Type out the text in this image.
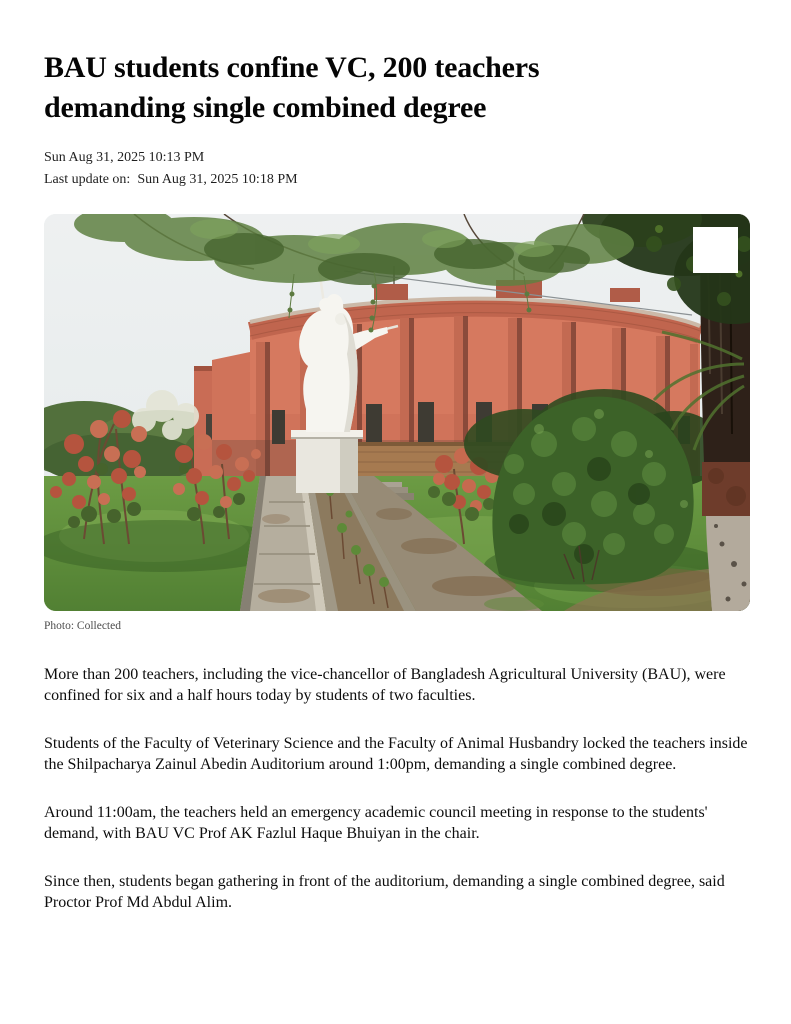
BAU students confine VC, 200 teachers demanding single combined degree

Sun Aug 31, 2025 10:13 PM

Last update on: Sun Aug 31, 2025 10:18 PM

Photo: Collected

More than 200 teachers, including the vice-chancellor of Bangladesh Agricultural University (BAU), were confined for six and a half hours today by students of two faculties.

Students of the Faculty of Veterinary Science and the Faculty of Animal Husbandry locked the teachers inside the Shilpacharya Zainul Abedin Auditorium around 1:00pm, demanding a single combined degree.

Around 11:00am, the teachers held an emergency academic council meeting in response to the students' demand, with BAU VC Prof AK Fazlul Haque Bhuiyan in the chair.

Since then, students began gathering in front of the auditorium, demanding a single combined degree, said Proctor Prof Md Abdul Alim.
